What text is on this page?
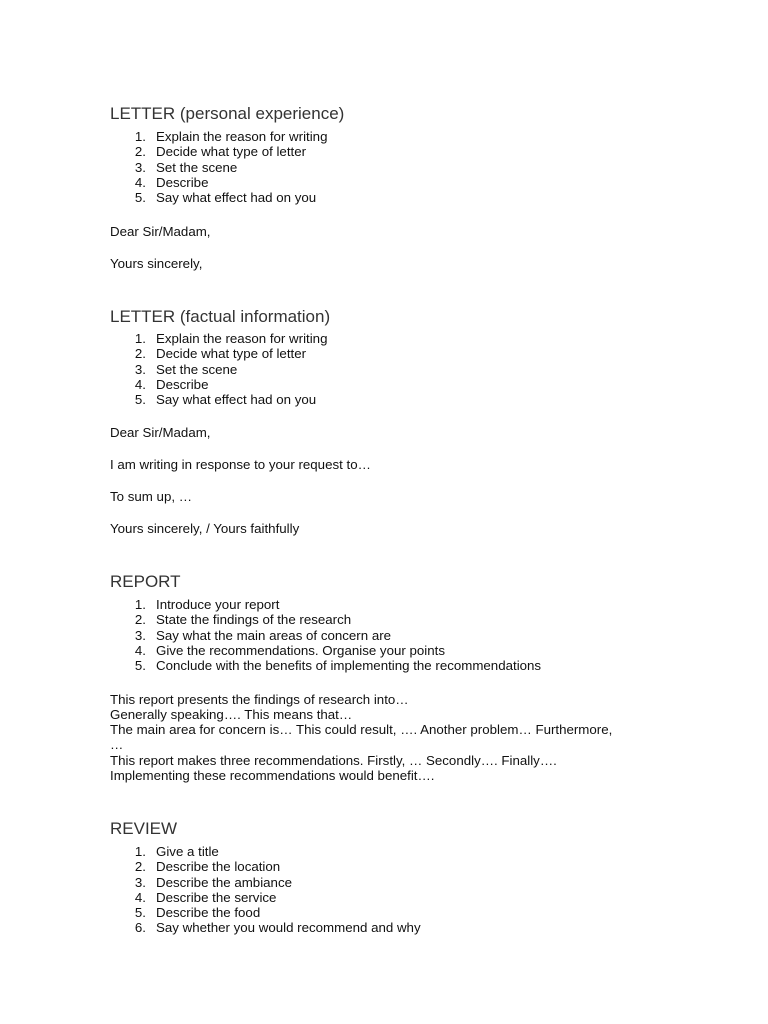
LETTER (personal experience)
1. Explain the reason for writing
2. Decide what type of letter
3. Set the scene
4. Describe
5. Say what effect had on you

Dear Sir/Madam,

Yours sincerely,

LETTER (factual information)
1. Explain the reason for writing
2. Decide what type of letter
3. Set the scene
4. Describe
5. Say what effect had on you

Dear Sir/Madam,

I am writing in response to your request to…

To sum up, …

Yours sincerely, / Yours faithfully

REPORT
1. Introduce your report
2. State the findings of the research
3. Say what the main areas of concern are
4. Give the recommendations. Organise your points
5. Conclude with the benefits of implementing the recommendations

This report presents the findings of research into…

Generally speaking…. This means that…

The main area for concern is… This could result, …. Another problem… Furthermore,

…

This report makes three recommendations. Firstly, … Secondly…. Finally….

Implementing these recommendations would benefit….

REVIEW
1. Give a title
2. Describe the location
3. Describe the ambiance
4. Describe the service
5. Describe the food
6. Say whether you would recommend and why
